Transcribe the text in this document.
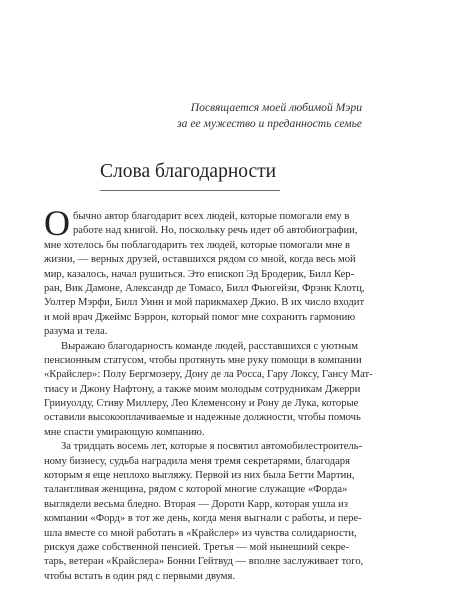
Посвящается моей любимой Мэри
за ее мужество и преданность семье
Слова благодарности
О бычно автор благодарит всех людей, которые помогали ему в
работе над книгой. Но, поскольку речь идет об автобиографии,
мне хотелось бы поблагодарить тех людей, которые помогали мне в
жизни, — верных друзей, оставшихся рядом со мной, когда весь мой
мир, казалось, начал рушиться. Это епископ Эд Бродерик, Билл Кер-
ран, Вик Дамоне, Александр де Томасо, Билл Фьюгейзи, Фрэнк Клотц,
Уолтер Мэрфи, Билл Уинн и мой парикмахер Джио. В их число входит
и мой врач Джеймс Бэррон, который помог мне сохранить гармонию
разума и тела.
Выражаю благодарность команде людей, расставшихся с уютным
пенсионным статусом, чтобы протянуть мне руку помощи в компании
«Крайслер»: Полу Бергмозеру, Дону де ла Росса, Гару Локсу, Гансу Мат-
тиасу и Джону Нафтону, а также моим молодым сотрудникам Джерри
Гринуолду, Стиву Миллеру, Лео Клеменсону и Рону де Лука, которые
оставили высокооплачиваемые и надежные должности, чтобы помочь
мне спасти умирающую компанию.
За тридцать восемь лет, которые я посвятил автомобилестроитель-
ному бизнесу, судьба наградила меня тремя секретарями, благодаря
которым я еще неплохо выгляжу. Первой из них была Бетти Мартин,
талантливая женщина, рядом с которой многие служащие «Форда»
выглядели весьма бледно. Вторая — Дороти Карр, которая ушла из
компании «Форд» в тот же день, когда меня выгнали с работы, и пере-
шла вместе со мной работать в «Крайслер» из чувства солидарности,
рискуя даже собственной пенсией. Третья — мой нынешний секре-
тарь, ветеран «Крайслера» Бонни Гейтвуд — вполне заслуживает того,
чтобы встать в один ряд с первыми двумя.
